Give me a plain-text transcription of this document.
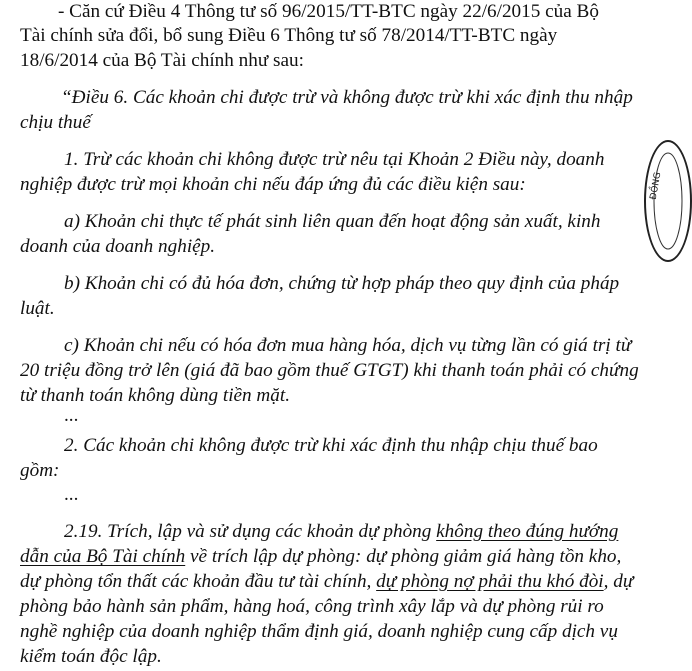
- Căn cứ Điều 4 Thông tư số 96/2015/TT-BTC ngày 22/6/2015 của Bộ
Tài chính sửa đổi, bổ sung Điều 6 Thông tư số 78/2014/TT-BTC ngày
18/6/2014 của Bộ Tài chính như sau:
“Điều 6. Các khoản chi được trừ và không được trừ khi xác định thu nhập
chịu thuế
1. Trừ các khoản chi không được trừ nêu tại Khoản 2 Điều này, doanh
nghiệp được trừ mọi khoản chi nếu đáp ứng đủ các điều kiện sau:
a) Khoản chi thực tế phát sinh liên quan đến hoạt động sản xuất, kinh
doanh của doanh nghiệp.
b) Khoản chi có đủ hóa đơn, chứng từ hợp pháp theo quy định của pháp
luật.
c) Khoản chi nếu có hóa đơn mua hàng hóa, dịch vụ từng lần có giá trị từ
20 triệu đồng trở lên (giá đã bao gồm thuế GTGT) khi thanh toán phải có chứng
từ thanh toán không dùng tiền mặt.
...
2. Các khoản chi không được trừ khi xác định thu nhập chịu thuế bao
gồm:
...
2.19. Trích, lập và sử dụng các khoản dự phòng không theo đúng hướng
dẫn của Bộ Tài chính về trích lập dự phòng: dự phòng giảm giá hàng tồn kho,
dự phòng tổn thất các khoản đầu tư tài chính, dự phòng nợ phải thu khó đòi, dự
phòng bảo hành sản phẩm, hàng hoá, công trình xây lắp và dự phòng rủi ro
nghề nghiệp của doanh nghiệp thẩm định giá, doanh nghiệp cung cấp dịch vụ
kiểm toán độc lập.
ĐỒNG
